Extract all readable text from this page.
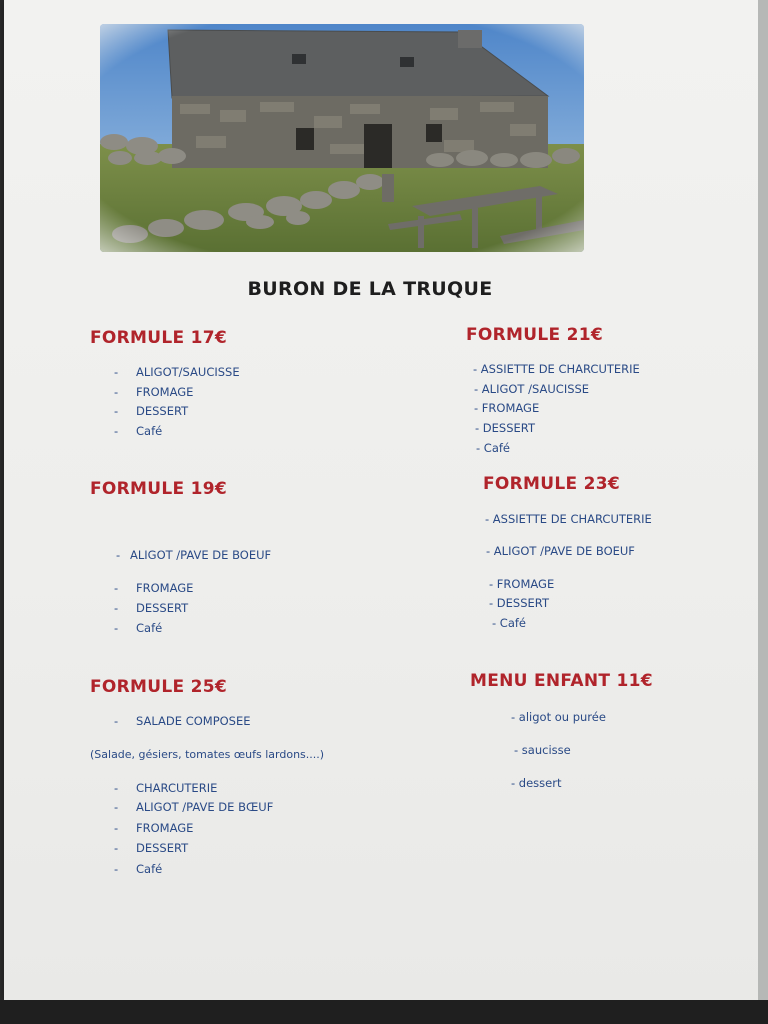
BURON DE LA TRUQUE
FORMULE 17€
- ALIGOT/SAUCISSE
- FROMAGE
- DESSERT
- Café
FORMULE 21€
- ASSIETTE DE CHARCUTERIE
- ALIGOT /SAUCISSE
- FROMAGE
- DESSERT
- Café
FORMULE 19€
- ALIGOT /PAVE DE BOEUF
- FROMAGE
- DESSERT
- Café
FORMULE 23€
- ASSIETTE DE CHARCUTERIE
- ALIGOT /PAVE DE BOEUF
- FROMAGE
- DESSERT
- Café
FORMULE 25€
- SALADE COMPOSEE
(Salade, gésiers, tomates œufs lardons....)
- CHARCUTERIE
- ALIGOT /PAVE DE BŒUF
- FROMAGE
- DESSERT
- Café
MENU ENFANT 11€
- aligot ou purée
- saucisse
- dessert
